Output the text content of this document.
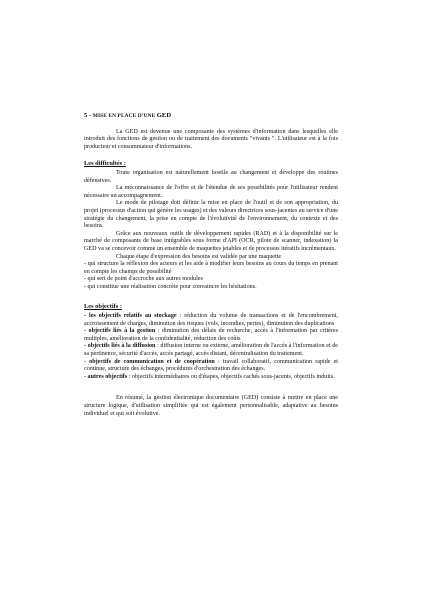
5 - MISE EN PLACE D’UNE GED

La GED est devenue une composante des systèmes d'information dans lesquelles elle introduit des fonctions de gestion ou de traitement des documents "vivants ". L'utilisateur est à la fois producteur et consommateur d'informations.

Les difficultés :

Toute organisation est naturellement hostile au changement et développe des routines défensives.

La méconnaissance de l'offre et de l'étendue de ses possibilités pour l'utilisateur rendent nécessaire un accompagnement.

Le mode de pilotage doit définir la mise en place de l'outil et de son appropriation, du projet (processus d'action qui génère les usages) et des valeurs directrices sous-jacentes au service d'une stratégie du changement, la prise en compte de l'évolutivité de l'environnement, du contexte et des besoins.

Grâce aux nouveaux outils de développement rapides (RAD) et à la disponibilité sur le marché de composants de base intégrables sous forme d'API (OCR, pilote de scanner, indexation) la GED va se concevoir comme un ensemble de maquettes jetables et de processus itératifs incrémentaux.

Chaque étape d'expression des besoins est validée par une maquette

- qui structure la réflexion des acteurs et les aide à modifier leurs besoins au cours du temps en prenant en compte les champs de possibilité

- qui sert de point d'accroche aux autres modules

- qui constitue une réalisation concrète pour convaincre les hésitations.

Les objectifs :

- les objectifs relatifs au stockage : réduction du volume de transactions et de l'encombrement, accroissement de charges, diminution des risques (vols, incendies, pertes), diminution des duplications

- objectifs liés à la gestion : diminution des délais de recherche, accès à l'information par critères multiples, amélioration de la confidentialité, réduction des coûts

- objectifs liés à la diffusion : diffusion interne ou externe, amélioration de l'accès à l'information et de sa pertinence, sécurité d'accès, accès partagé, accès distant, décentralisation du traitement.

- objectifs de communication et de coopération : travail collaboratif, communication rapide et continue, structure des échanges, procédures d'orchestration des échanges.

- autres objectifs : objectifs intermédiaires ou d'étapes, objectifs cachés sous-jacents, objectifs induits.

En résumé, la gestion électronique documentaire (GED) consiste à mettre en place une structure logique, d'utilisation simplifiée qui est également personnalisable, adaptative au besoins individuel et qui soit évolutive.
